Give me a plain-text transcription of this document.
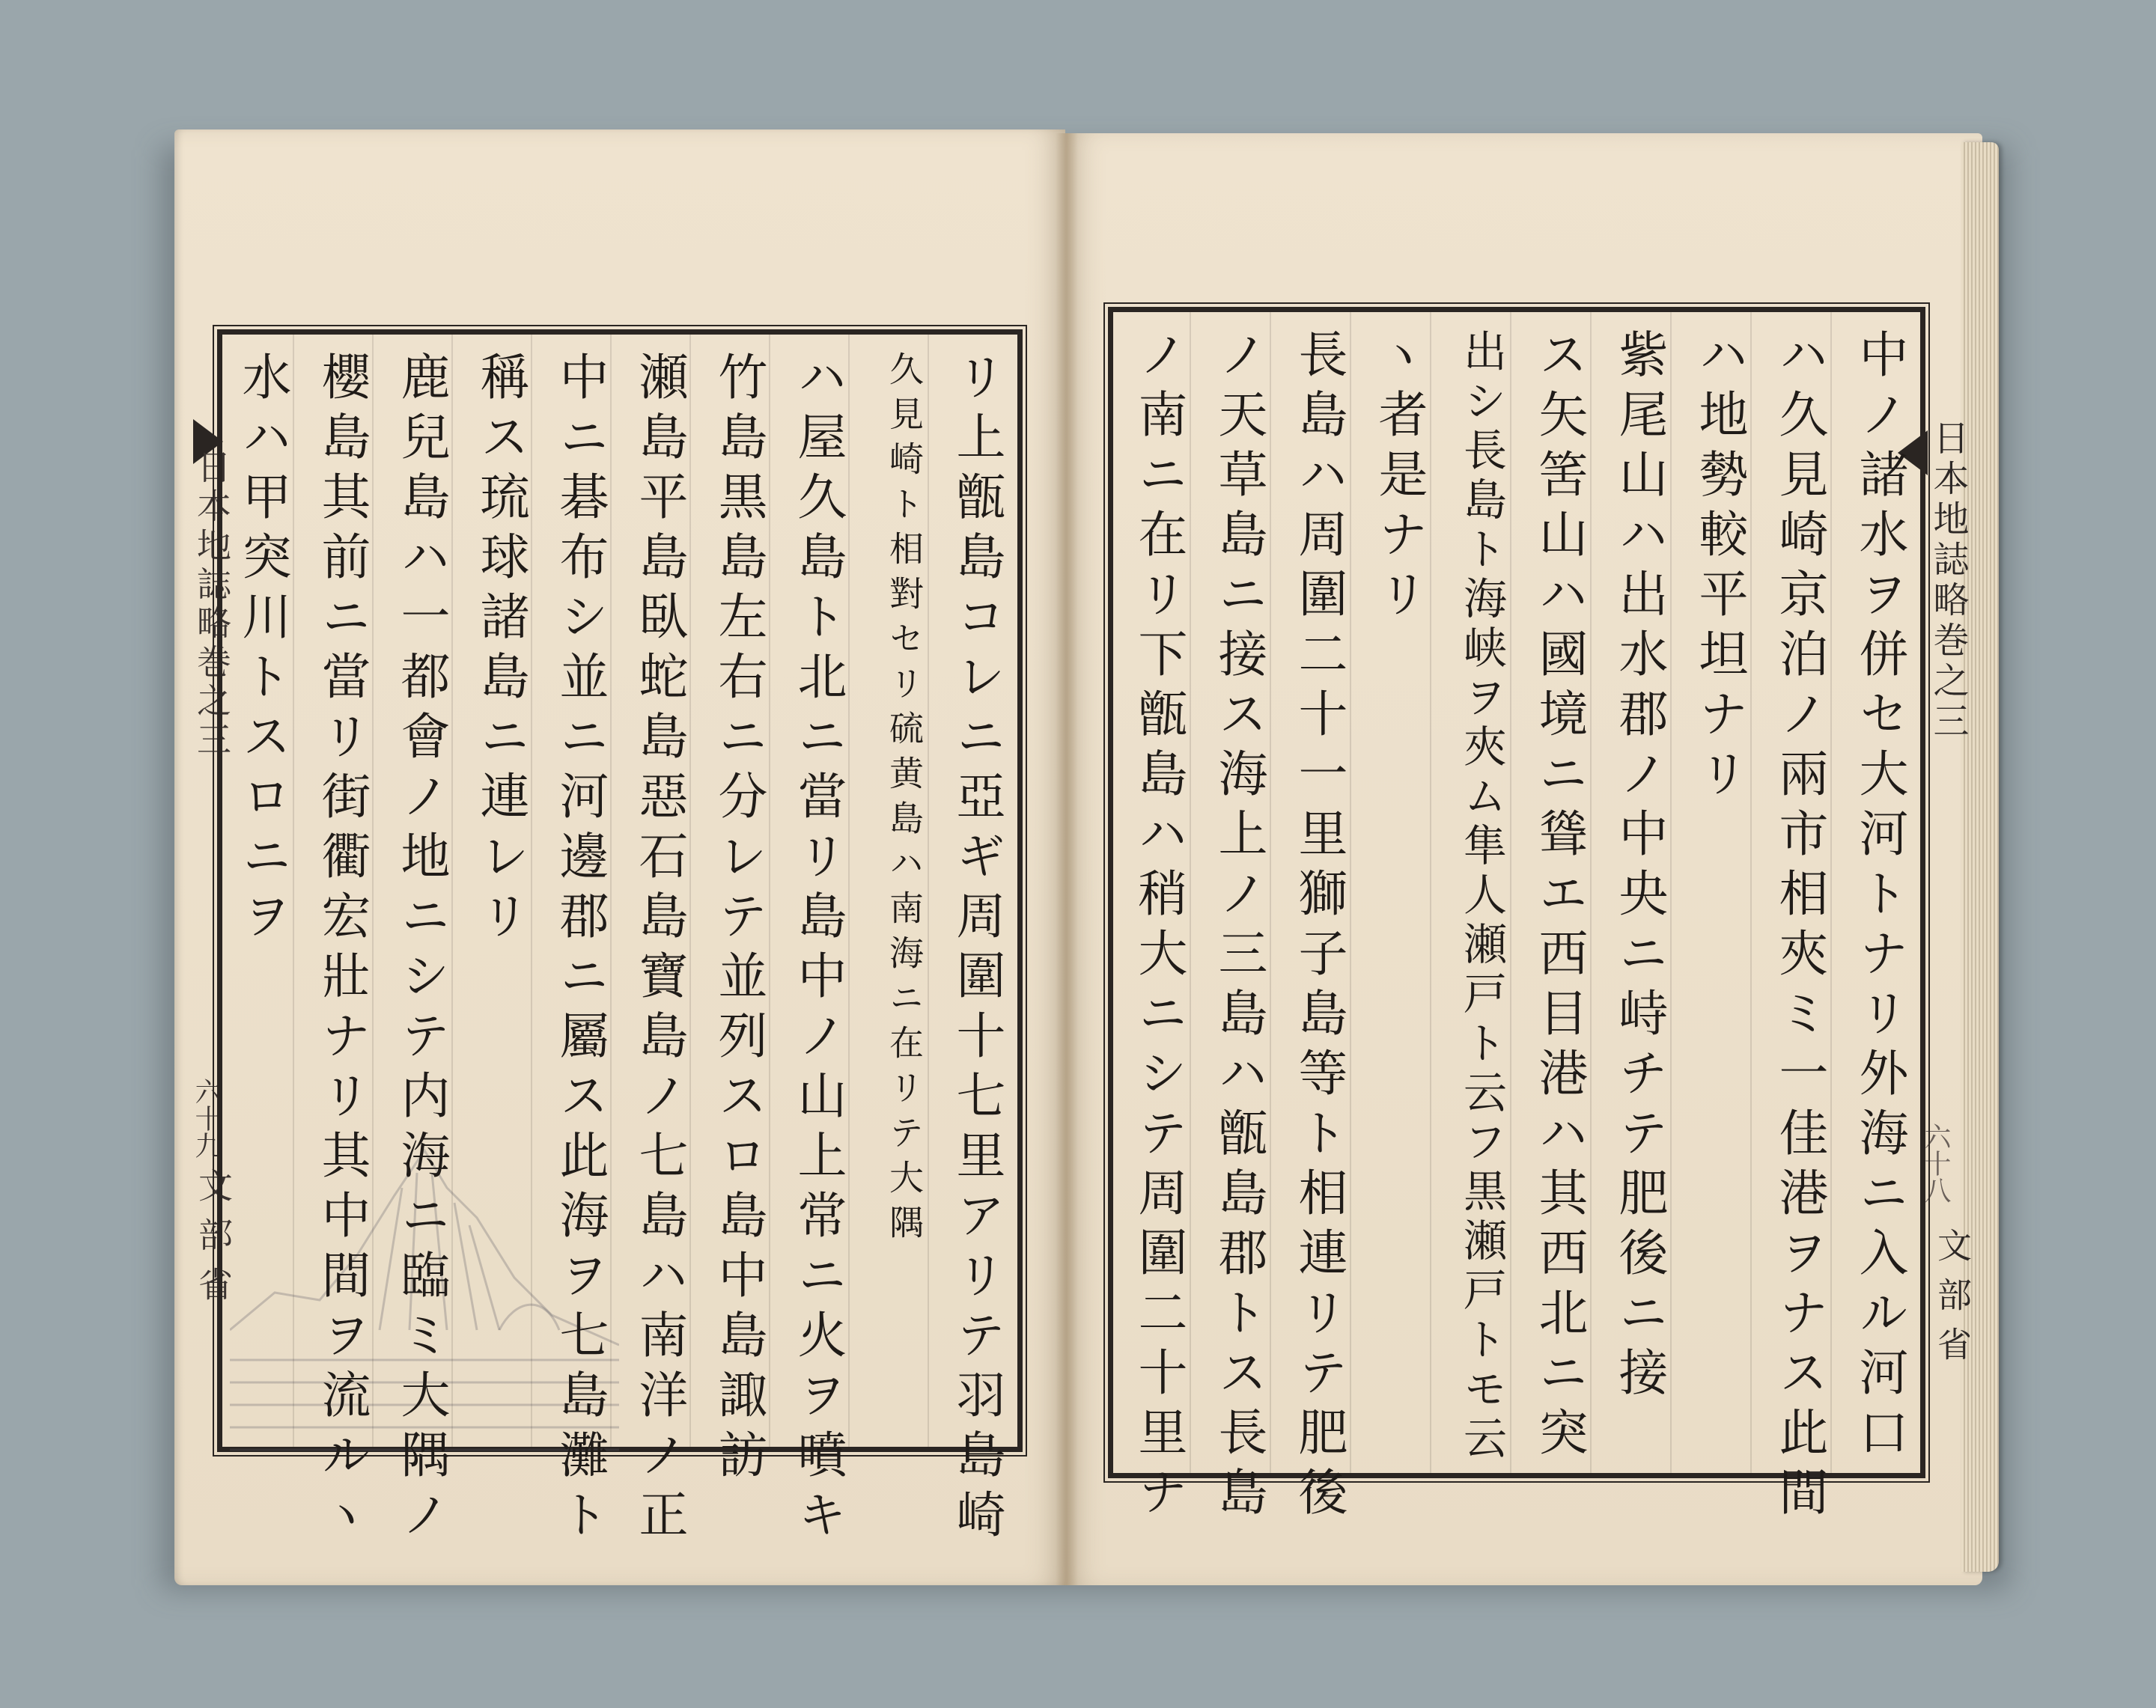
日本地誌略巻之三
六十九
文部省	リ上甑島コレニ亞ギ周圍十七里アリテ羽島崎
久見崎ト相對セリ硫黄島ハ南海ニ在リテ大隅
ハ屋久島ト北ニ當リ島中ノ山上常ニ火ヲ噴キ
竹島黒島左右ニ分レテ並列スロ島中島諏訪
瀬島平島臥蛇島惡石島寶島ノ七島ハ南洋ノ正
中ニ碁布シ並ニ河邊郡ニ屬ス此海ヲ七島灘ト
稱ス琉球諸島ニ連レリ
鹿兒島ハ一都會ノ地ニシテ内海ニ臨ミ大隅ノ
櫻島其前ニ當リ街衢宏壯ナリ其中間ヲ流ルヽ
水ハ甲突川トスロニヲ	日本地誌略巻之三
六十八
文部省
中ノ諸水ヲ併セ大河トナリ外海ニ入ル河口
ハ久見崎京泊ノ兩市相夾ミ一佳港ヲナス此間
ハ地勢較平坦ナリ
紫尾山ハ出水郡ノ中央ニ峙チテ肥後ニ接
ス矢筈山ハ國境ニ聳エ西目港ハ其西北ニ突
出シ長島ト海峡ヲ夾ム隼人瀬戸ト云フ黒瀬戸トモ云
ヽ者是ナリ
長島ハ周圍二十一里獅子島等ト相連リテ肥後
ノ天草島ニ接ス海上ノ三島ハ甑島郡トス長島
ノ南ニ在リ下甑島ハ稍大ニシテ周圍二十里ナ
